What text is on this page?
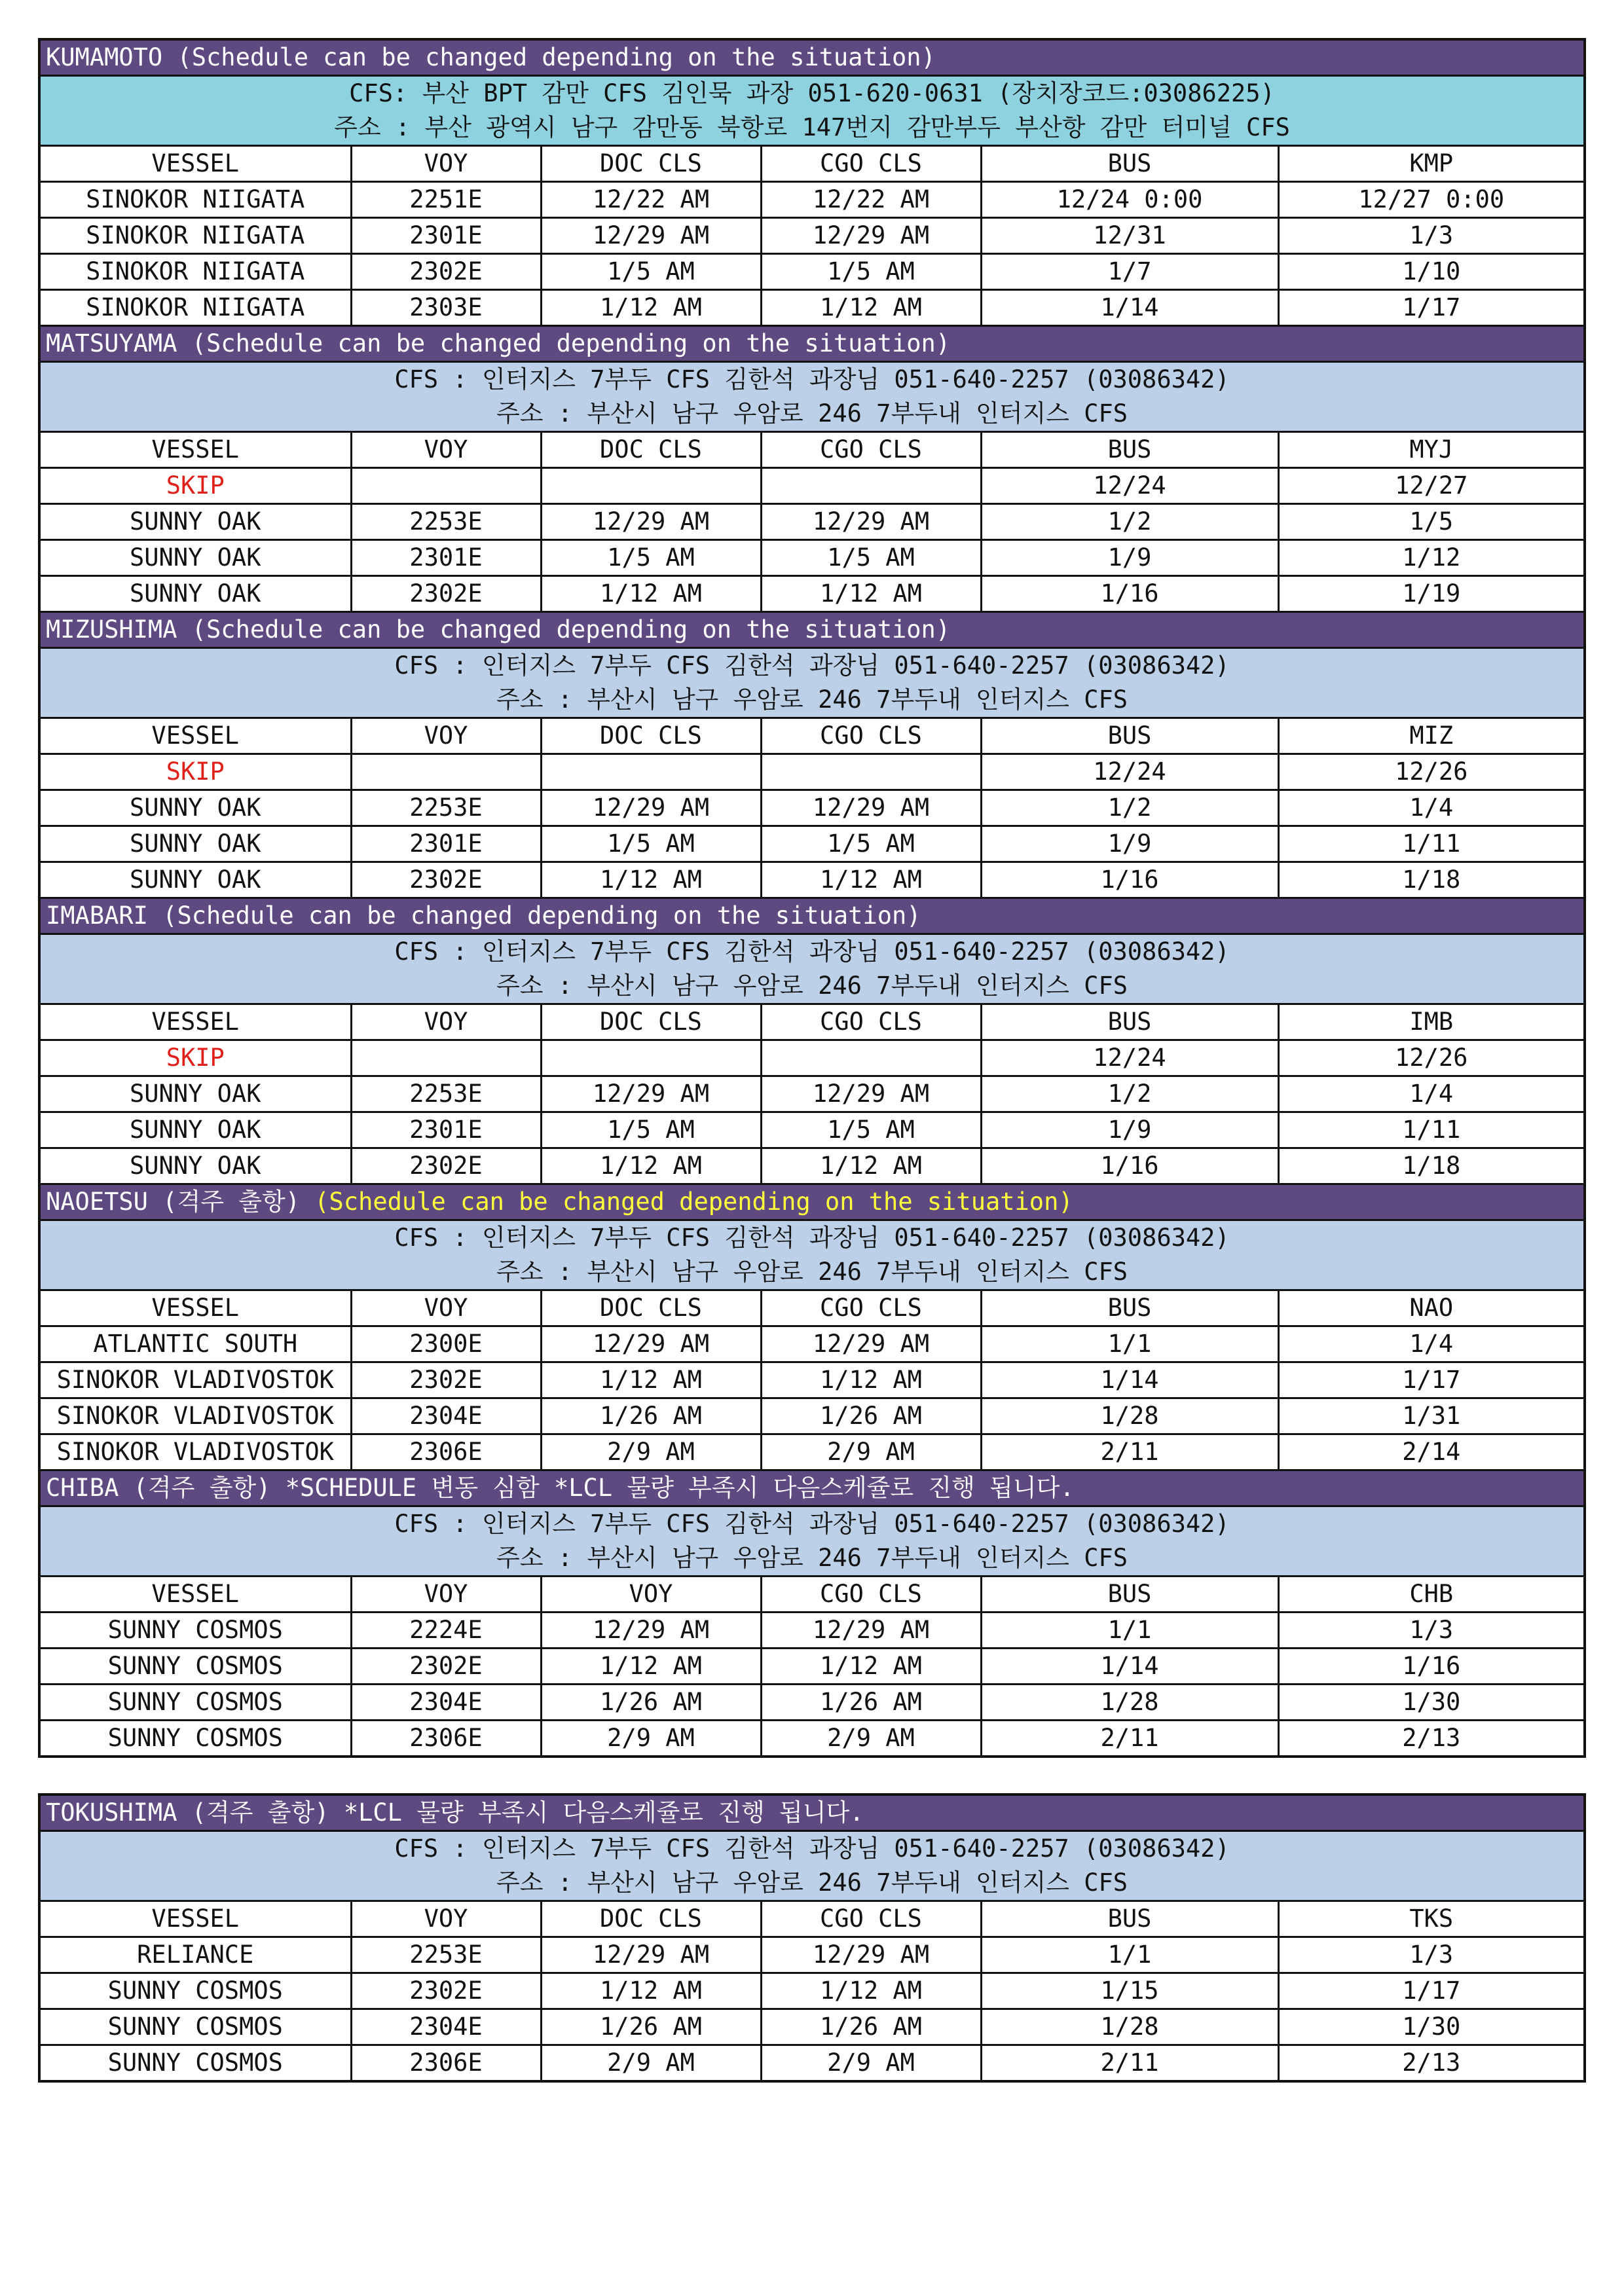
KUMAMOTO (Schedule can be changed depending on the situation)					
CFS: 부산 BPT 감만 CFS 김인묵 과장 051-620-0631 (장치장코드:03086225)					
주소 : 부산 광역시 남구 감만동 북항로 147번지 감만부두 부산항 감만 터미널 CFS					
VESSEL	VOY	DOC CLS	CGO CLS	BUS	KMP
SINOKOR NIIGATA	2251E	12/22 AM	12/22 AM	12/24 0:00	12/27 0:00
SINOKOR NIIGATA	2301E	12/29 AM	12/29 AM	12/31	1/3
SINOKOR NIIGATA	2302E	1/5 AM	1/5 AM	1/7	1/10
SINOKOR NIIGATA	2303E	1/12 AM	1/12 AM	1/14	1/17
MATSUYAMA (Schedule can be changed depending on the situation)					
CFS : 인터지스 7부두 CFS 김한석 과장님 051-640-2257 (03086342)					
주소 : 부산시 남구 우암로 246 7부두내 인터지스 CFS					
VESSEL	VOY	DOC CLS	CGO CLS	BUS	MYJ
SKIP				12/24	12/27
SUNNY OAK	2253E	12/29 AM	12/29 AM	1/2	1/5
SUNNY OAK	2301E	1/5 AM	1/5 AM	1/9	1/12
SUNNY OAK	2302E	1/12 AM	1/12 AM	1/16	1/19
MIZUSHIMA (Schedule can be changed depending on the situation)					
CFS : 인터지스 7부두 CFS 김한석 과장님 051-640-2257 (03086342)					
주소 : 부산시 남구 우암로 246 7부두내 인터지스 CFS					
VESSEL	VOY	DOC CLS	CGO CLS	BUS	MIZ
SKIP				12/24	12/26
SUNNY OAK	2253E	12/29 AM	12/29 AM	1/2	1/4
SUNNY OAK	2301E	1/5 AM	1/5 AM	1/9	1/11
SUNNY OAK	2302E	1/12 AM	1/12 AM	1/16	1/18
IMABARI (Schedule can be changed depending on the situation)					
CFS : 인터지스 7부두 CFS 김한석 과장님 051-640-2257 (03086342)					
주소 : 부산시 남구 우암로 246 7부두내 인터지스 CFS					
VESSEL	VOY	DOC CLS	CGO CLS	BUS	IMB
SKIP				12/24	12/26
SUNNY OAK	2253E	12/29 AM	12/29 AM	1/2	1/4
SUNNY OAK	2301E	1/5 AM	1/5 AM	1/9	1/11
SUNNY OAK	2302E	1/12 AM	1/12 AM	1/16	1/18
NAOETSU (격주 출항) (Schedule can be changed depending on the situation)					
CFS : 인터지스 7부두 CFS 김한석 과장님 051-640-2257 (03086342)					
주소 : 부산시 남구 우암로 246 7부두내 인터지스 CFS					
VESSEL	VOY	DOC CLS	CGO CLS	BUS	NAO
ATLANTIC SOUTH	2300E	12/29 AM	12/29 AM	1/1	1/4
SINOKOR VLADIVOSTOK	2302E	1/12 AM	1/12 AM	1/14	1/17
SINOKOR VLADIVOSTOK	2304E	1/26 AM	1/26 AM	1/28	1/31
SINOKOR VLADIVOSTOK	2306E	2/9 AM	2/9 AM	2/11	2/14
CHIBA (격주 출항) *SCHEDULE 변동 심함 *LCL 물량 부족시 다음스케쥴로 진행 됩니다.					
CFS : 인터지스 7부두 CFS 김한석 과장님 051-640-2257 (03086342)					
주소 : 부산시 남구 우암로 246 7부두내 인터지스 CFS					
VESSEL	VOY	VOY	CGO CLS	BUS	CHB
SUNNY COSMOS	2224E	12/29 AM	12/29 AM	1/1	1/3
SUNNY COSMOS	2302E	1/12 AM	1/12 AM	1/14	1/16
SUNNY COSMOS	2304E	1/26 AM	1/26 AM	1/28	1/30
SUNNY COSMOS	2306E	2/9 AM	2/9 AM	2/11	2/13
TOKUSHIMA (격주 출항) *LCL 물량 부족시 다음스케쥴로 진행 됩니다.					
CFS : 인터지스 7부두 CFS 김한석 과장님 051-640-2257 (03086342)					
주소 : 부산시 남구 우암로 246 7부두내 인터지스 CFS					
VESSEL	VOY	DOC CLS	CGO CLS	BUS	TKS
RELIANCE	2253E	12/29 AM	12/29 AM	1/1	1/3
SUNNY COSMOS	2302E	1/12 AM	1/12 AM	1/15	1/17
SUNNY COSMOS	2304E	1/26 AM	1/26 AM	1/28	1/30
SUNNY COSMOS	2306E	2/9 AM	2/9 AM	2/11	2/13
